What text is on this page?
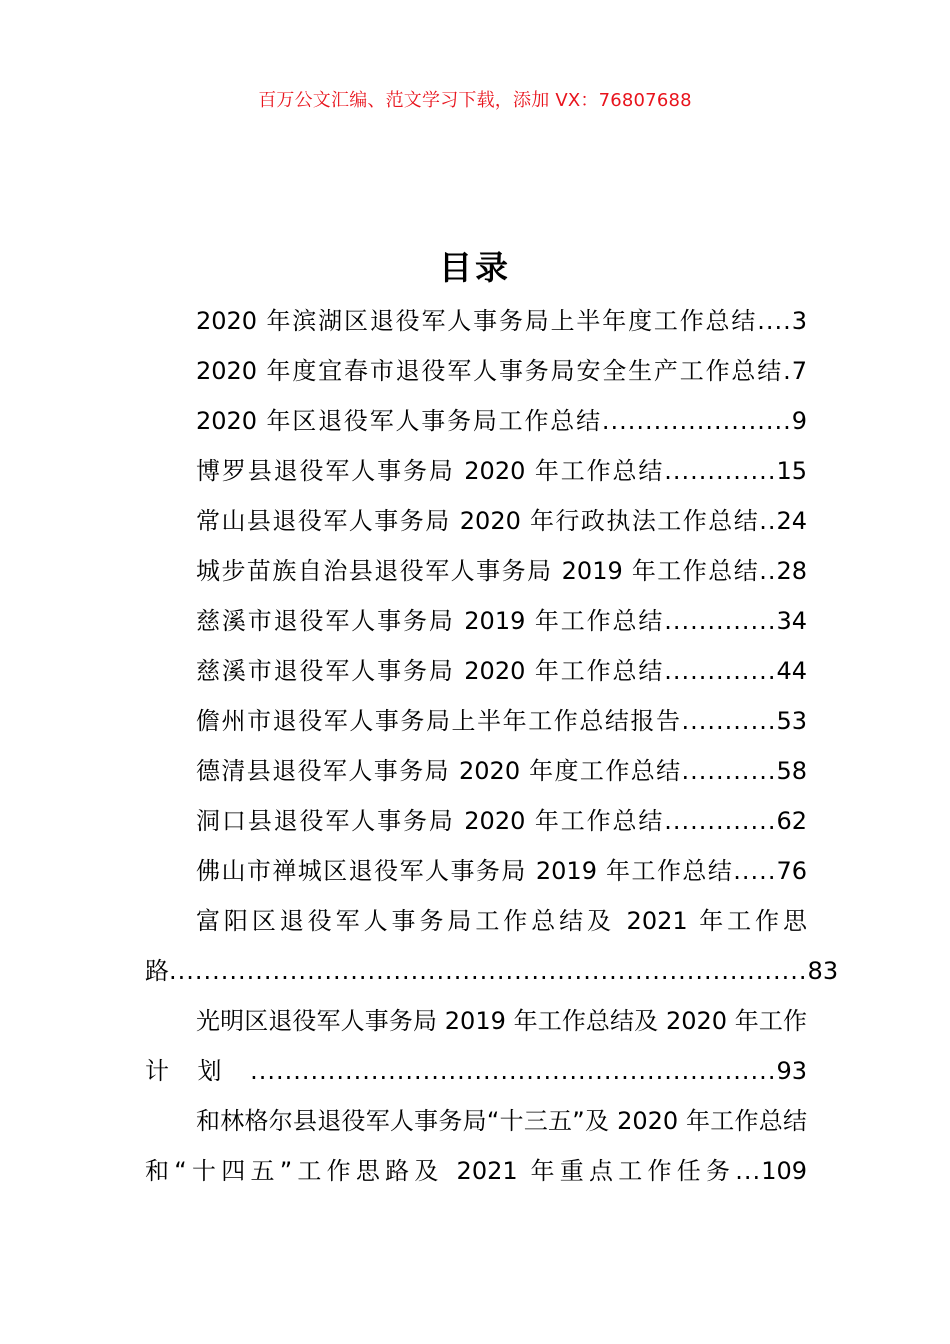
百万公文汇编、范文学习下载，添加 VX：76807688
目录
2020 年滨湖区退役军人事务局上半年度工作总结....3
2020 年度宜春市退役军人事务局安全生产工作总结.7
2020 年区退役军人事务局工作总结......................9
博罗县退役军人事务局 2020 年工作总结.............15
常山县退役军人事务局 2020 年行政执法工作总结..24
城步苗族自治县退役军人事务局 2019 年工作总结..28
慈溪市退役军人事务局 2019 年工作总结.............34
慈溪市退役军人事务局 2020 年工作总结.............44
儋州市退役军人事务局上半年工作总结报告...........53
德清县退役军人事务局 2020 年度工作总结...........58
洞口县退役军人事务局 2020 年工作总结.............62
佛山市禅城区退役军人事务局 2019 年工作总结.....76
富阳区退役军人事务局工作总结及 2021 年工作思路..........................................................................83
光明区退役军人事务局 2019 年工作总结及 2020 年工作计划.............................................................93
和林格尔县退役军人事务局“十三五”及 2020 年工作总结和“十四五”工作思路及 2021 年重点工作任务...109
